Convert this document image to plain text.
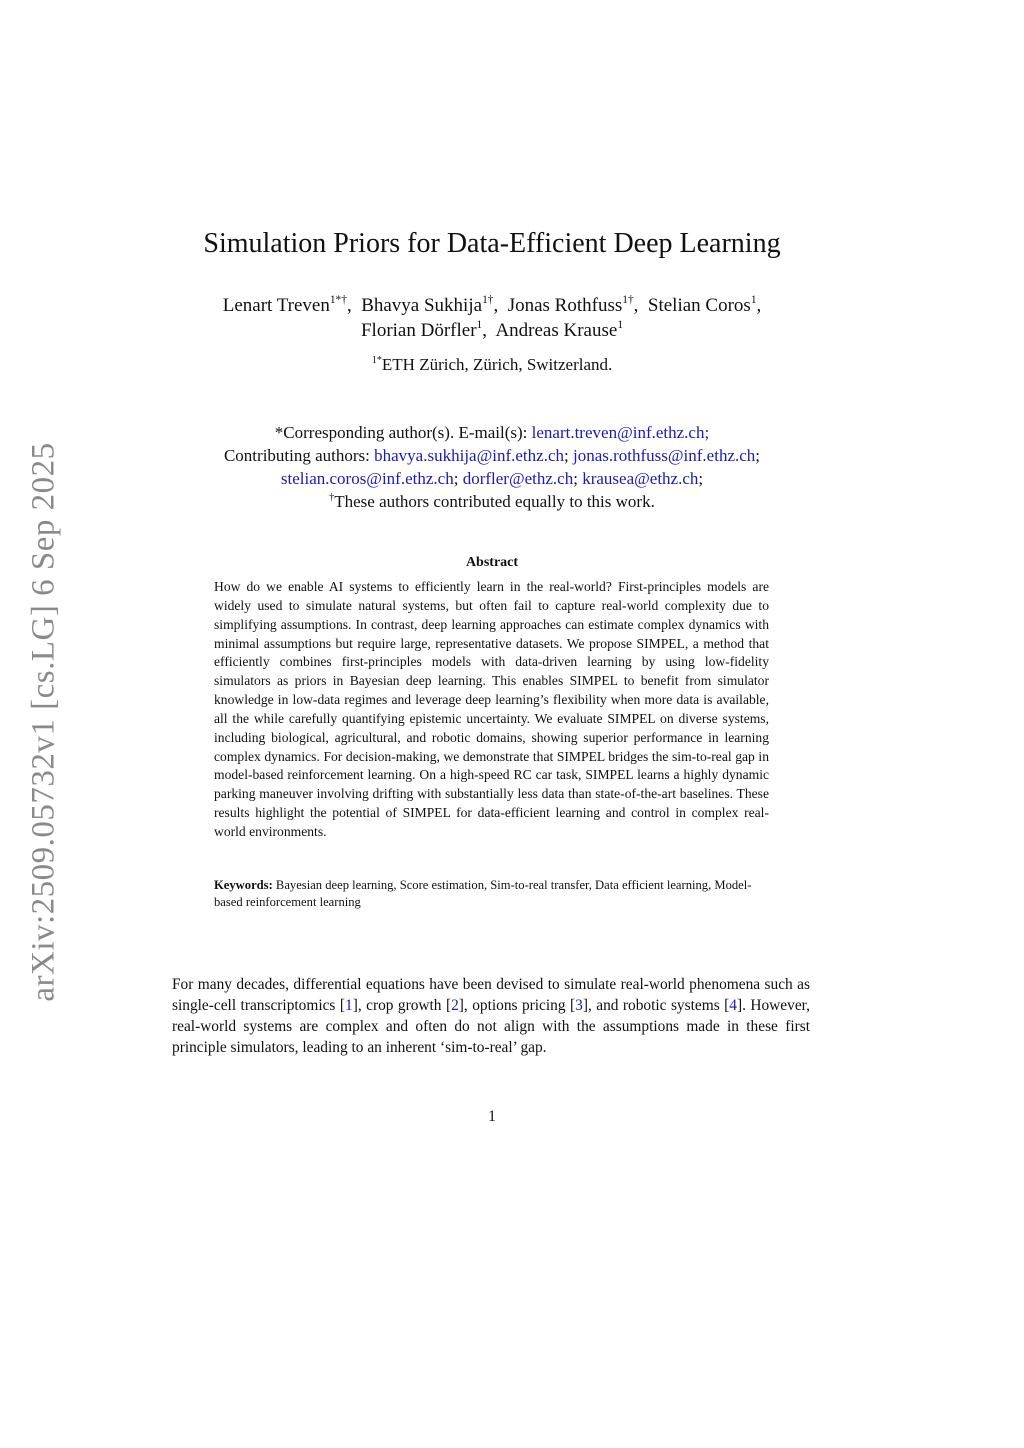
arXiv:2509.05732v1 [cs.LG] 6 Sep 2025
Simulation Priors for Data-Efficient Deep Learning
Lenart Treven$^{1*\dagger}$,  Bhavya Sukhija$^{1\dagger}$,  Jonas Rothfuss$^{1\dagger}$,  Stelian Coros$^1$,
Florian Dörfler$^1$,  Andreas Krause$^1$
$^{1*}$ETH Zürich, Zürich, Switzerland.
*Corresponding author(s). E-mail(s): lenart.treven@inf.ethz.ch;
Contributing authors: bhavya.sukhija@inf.ethz.ch; jonas.rothfuss@inf.ethz.ch;
stelian.coros@inf.ethz.ch; dorfler@ethz.ch; krausea@ethz.ch;
†These authors contributed equally to this work.
Abstract
How do we enable AI systems to efficiently learn in the real-world? First-principles models are widely used to simulate natural systems, but often fail to capture real-world complexity due to simplifying assumptions. In contrast, deep learning approaches can estimate complex dynamics with minimal assumptions but require large, representative datasets. We propose SIMPEL, a method that efficiently combines first-principles models with data-driven learning by using low-fidelity simulators as priors in Bayesian deep learning. This enables SIMPEL to benefit from simulator knowledge in low-data regimes and leverage deep learning’s flexibility when more data is available, all the while carefully quantifying epistemic uncertainty. We evaluate SIMPEL on diverse systems, including biological, agricultural, and robotic domains, showing superior performance in learning complex dynamics. For decision-making, we demonstrate that SIMPEL bridges the sim-to-real gap in model-based reinforcement learning. On a high-speed RC car task, SIMPEL learns a highly dynamic parking maneuver involving drifting with substantially less data than state-of-the-art baselines. These results highlight the potential of SIMPEL for data-efficient learning and control in complex real-world environments.
Keywords: Bayesian deep learning, Score estimation, Sim-to-real transfer, Data efficient learning, Model-based reinforcement learning
For many decades, differential equations have been devised to simulate real-world phenomena such as single-cell transcriptomics [1], crop growth [2], options pricing [3], and robotic systems [4]. However, real-world systems are complex and often do not align with the assumptions made in these first principle simulators, leading to an inherent ‘sim-to-real’ gap.
1
